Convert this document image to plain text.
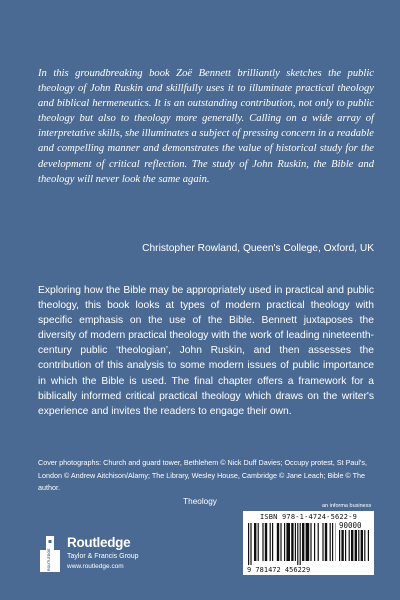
In this groundbreaking book Zoë Bennett brilliantly sketches the public theology of John Ruskin and skillfully uses it to illuminate practical theology and biblical hermeneutics. It is an outstanding contribution, not only to public theology but also to theology more generally. Calling on a wide array of interpretative skills, she illuminates a subject of pressing concern in a readable and compelling manner and demonstrates the value of historical study for the development of critical reflection. The study of John Ruskin, the Bible and theology will never look the same again.

Christopher Rowland, Queen's College, Oxford, UK

Exploring how the Bible may be appropriately used in practical and public theology, this book looks at types of modern practical theology with specific emphasis on the use of the Bible. Bennett juxtaposes the diversity of modern practical theology with the work of leading nineteenth-century public ‘theologian’, John Ruskin, and then assesses the contribution of this analysis to some modern issues of public importance in which the Bible is used. The final chapter offers a framework for a biblically informed critical practical theology which draws on the writer's experience and invites the readers to engage their own.

Cover photographs: Church and guard tower, Bethlehem © Nick Duff Davies; Occupy protest, St Paul's, London © Andrew Aitchison/Alamy; The Library, Wesley House, Cambridge © Jane Leach; Bible © The author.

Theology	an informa business
ISBN 978-1-4724-5622-9
90000
9 781472 456229
ROUTLEDGE
Routledge
Taylor & Francis Group
www.routledge.com
